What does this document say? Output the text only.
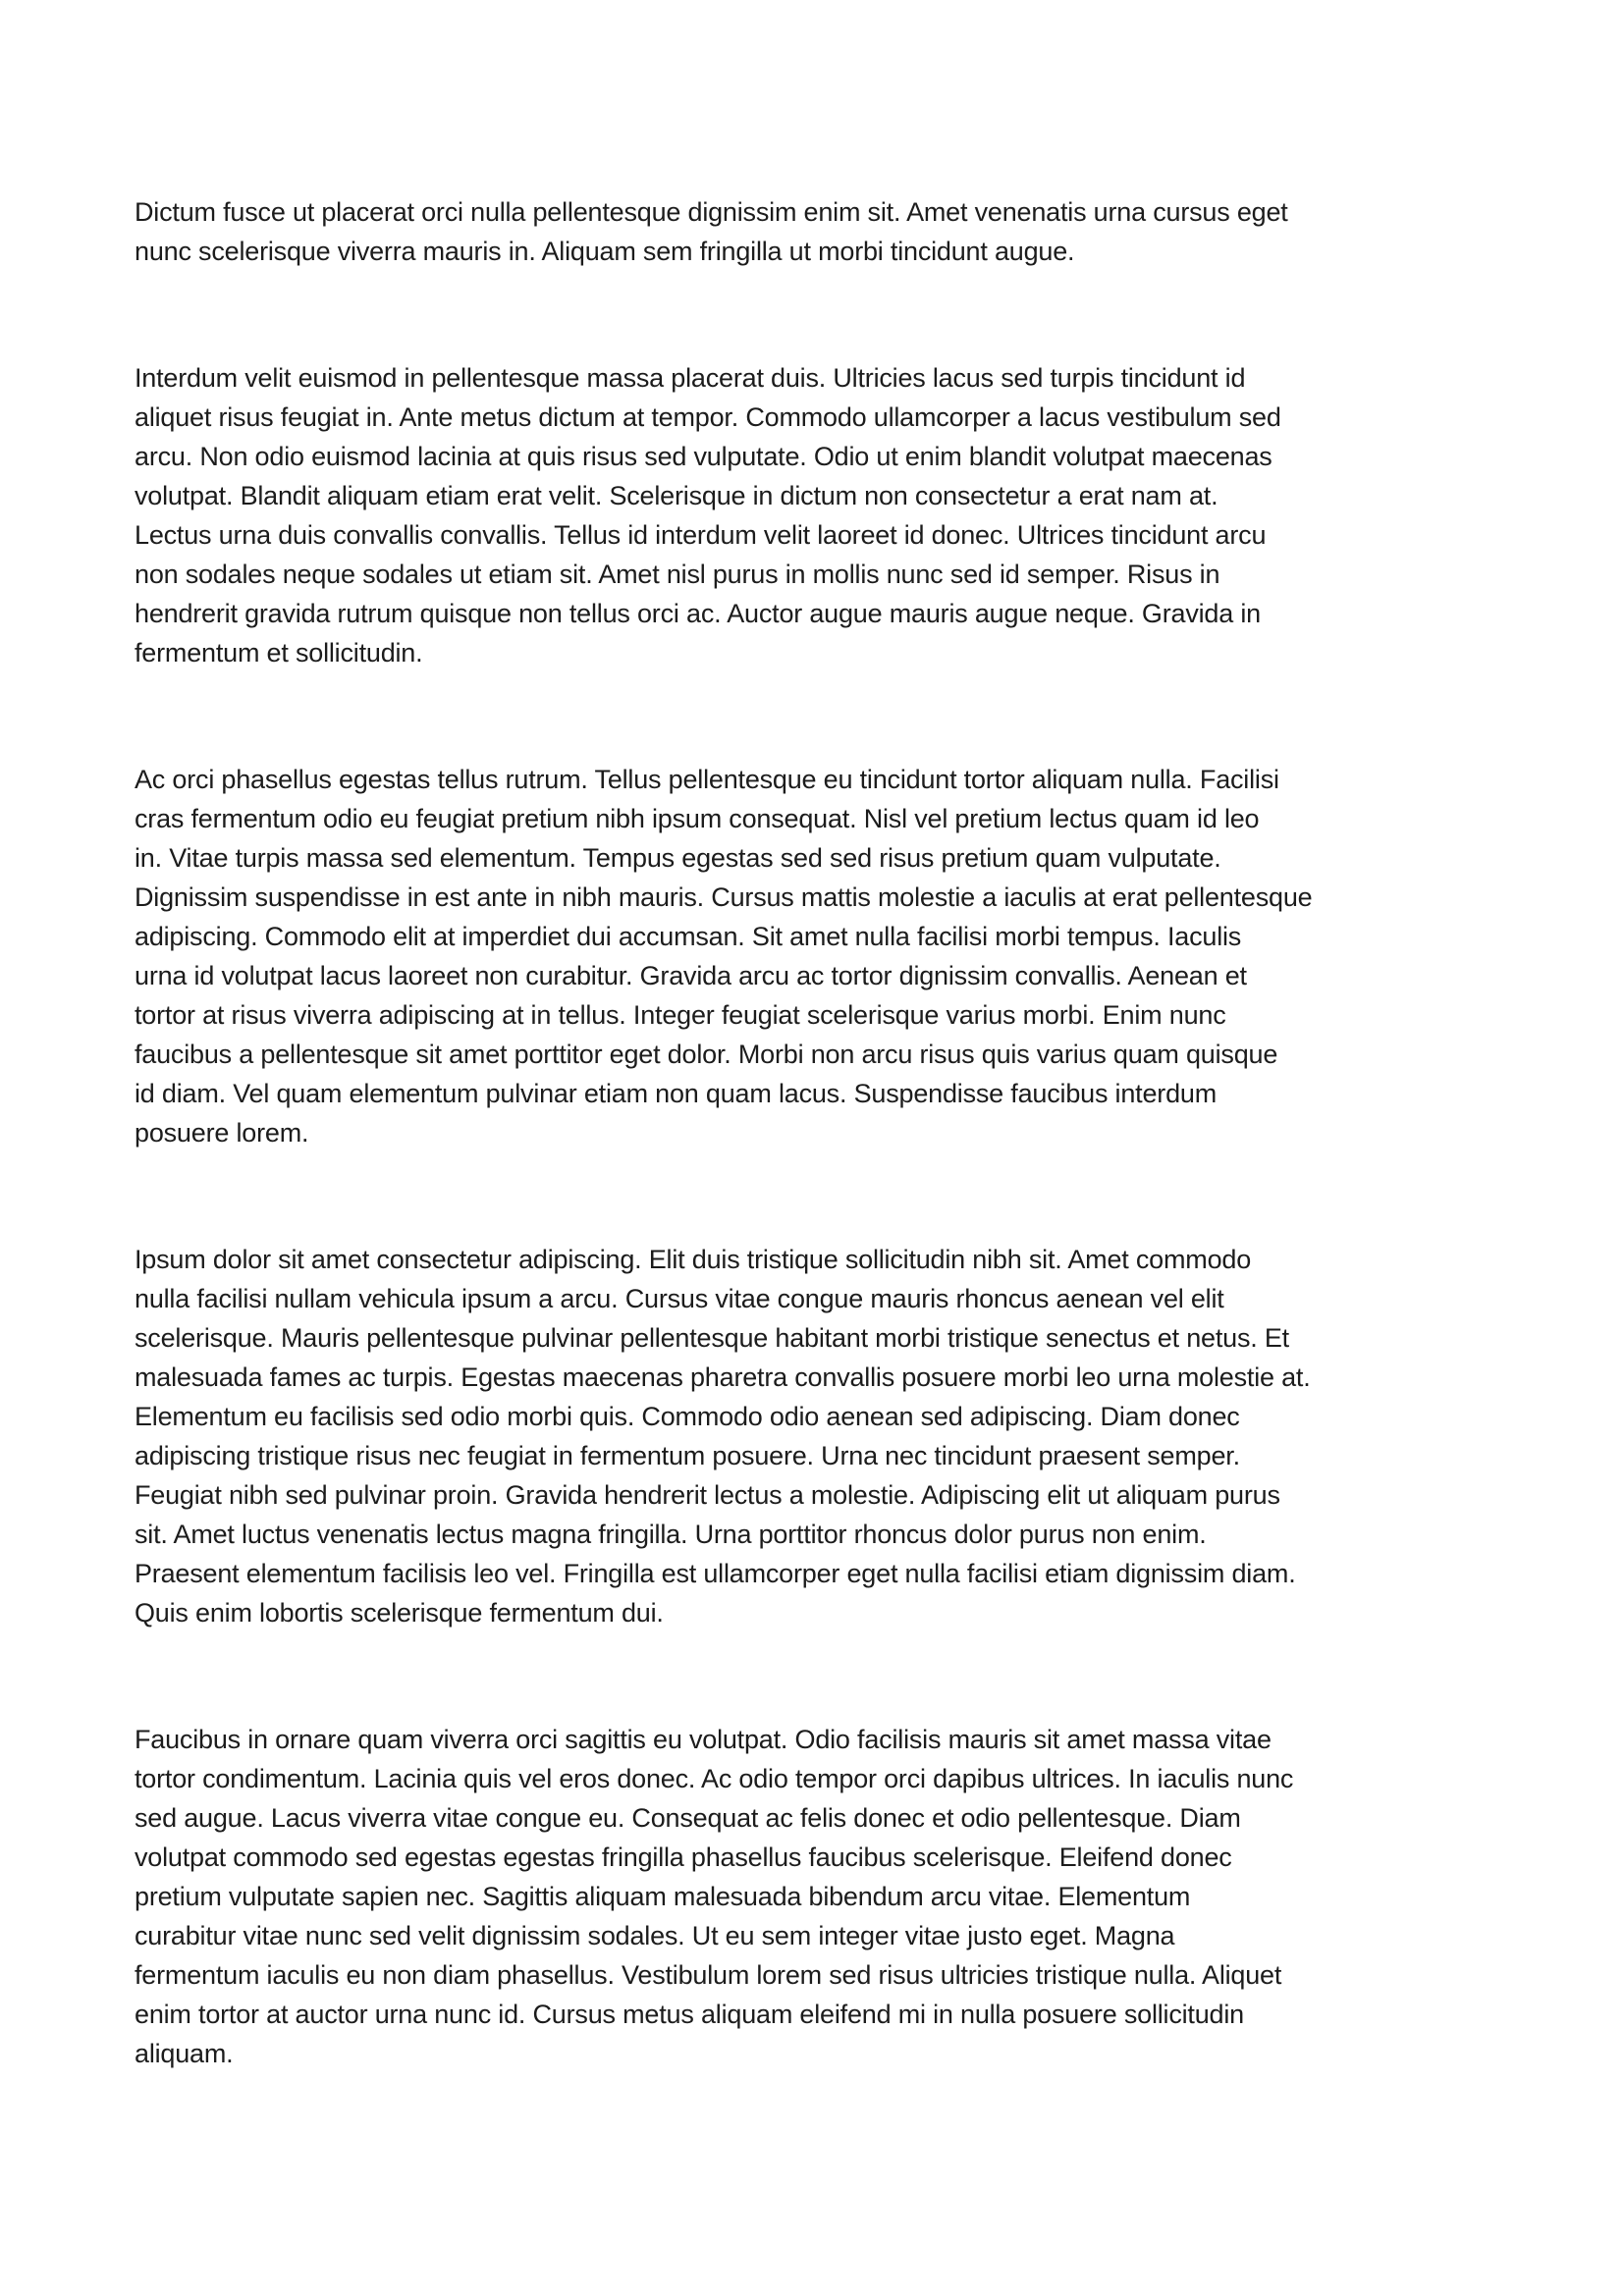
Dictum fusce ut placerat orci nulla pellentesque dignissim enim sit. Amet venenatis urna cursus eget
nunc scelerisque viverra mauris in. Aliquam sem fringilla ut morbi tincidunt augue.
Interdum velit euismod in pellentesque massa placerat duis. Ultricies lacus sed turpis tincidunt id
aliquet risus feugiat in. Ante metus dictum at tempor. Commodo ullamcorper a lacus vestibulum sed
arcu. Non odio euismod lacinia at quis risus sed vulputate. Odio ut enim blandit volutpat maecenas
volutpat. Blandit aliquam etiam erat velit. Scelerisque in dictum non consectetur a erat nam at.
Lectus urna duis convallis convallis. Tellus id interdum velit laoreet id donec. Ultrices tincidunt arcu
non sodales neque sodales ut etiam sit. Amet nisl purus in mollis nunc sed id semper. Risus in
hendrerit gravida rutrum quisque non tellus orci ac. Auctor augue mauris augue neque. Gravida in
fermentum et sollicitudin.
Ac orci phasellus egestas tellus rutrum. Tellus pellentesque eu tincidunt tortor aliquam nulla. Facilisi
cras fermentum odio eu feugiat pretium nibh ipsum consequat. Nisl vel pretium lectus quam id leo
in. Vitae turpis massa sed elementum. Tempus egestas sed sed risus pretium quam vulputate.
Dignissim suspendisse in est ante in nibh mauris. Cursus mattis molestie a iaculis at erat pellentesque
adipiscing. Commodo elit at imperdiet dui accumsan. Sit amet nulla facilisi morbi tempus. Iaculis
urna id volutpat lacus laoreet non curabitur. Gravida arcu ac tortor dignissim convallis. Aenean et
tortor at risus viverra adipiscing at in tellus. Integer feugiat scelerisque varius morbi. Enim nunc
faucibus a pellentesque sit amet porttitor eget dolor. Morbi non arcu risus quis varius quam quisque
id diam. Vel quam elementum pulvinar etiam non quam lacus. Suspendisse faucibus interdum
posuere lorem.
Ipsum dolor sit amet consectetur adipiscing. Elit duis tristique sollicitudin nibh sit. Amet commodo
nulla facilisi nullam vehicula ipsum a arcu. Cursus vitae congue mauris rhoncus aenean vel elit
scelerisque. Mauris pellentesque pulvinar pellentesque habitant morbi tristique senectus et netus. Et
malesuada fames ac turpis. Egestas maecenas pharetra convallis posuere morbi leo urna molestie at.
Elementum eu facilisis sed odio morbi quis. Commodo odio aenean sed adipiscing. Diam donec
adipiscing tristique risus nec feugiat in fermentum posuere. Urna nec tincidunt praesent semper.
Feugiat nibh sed pulvinar proin. Gravida hendrerit lectus a molestie. Adipiscing elit ut aliquam purus
sit. Amet luctus venenatis lectus magna fringilla. Urna porttitor rhoncus dolor purus non enim.
Praesent elementum facilisis leo vel. Fringilla est ullamcorper eget nulla facilisi etiam dignissim diam.
Quis enim lobortis scelerisque fermentum dui.
Faucibus in ornare quam viverra orci sagittis eu volutpat. Odio facilisis mauris sit amet massa vitae
tortor condimentum. Lacinia quis vel eros donec. Ac odio tempor orci dapibus ultrices. In iaculis nunc
sed augue. Lacus viverra vitae congue eu. Consequat ac felis donec et odio pellentesque. Diam
volutpat commodo sed egestas egestas fringilla phasellus faucibus scelerisque. Eleifend donec
pretium vulputate sapien nec. Sagittis aliquam malesuada bibendum arcu vitae. Elementum
curabitur vitae nunc sed velit dignissim sodales. Ut eu sem integer vitae justo eget. Magna
fermentum iaculis eu non diam phasellus. Vestibulum lorem sed risus ultricies tristique nulla. Aliquet
enim tortor at auctor urna nunc id. Cursus metus aliquam eleifend mi in nulla posuere sollicitudin
aliquam.
